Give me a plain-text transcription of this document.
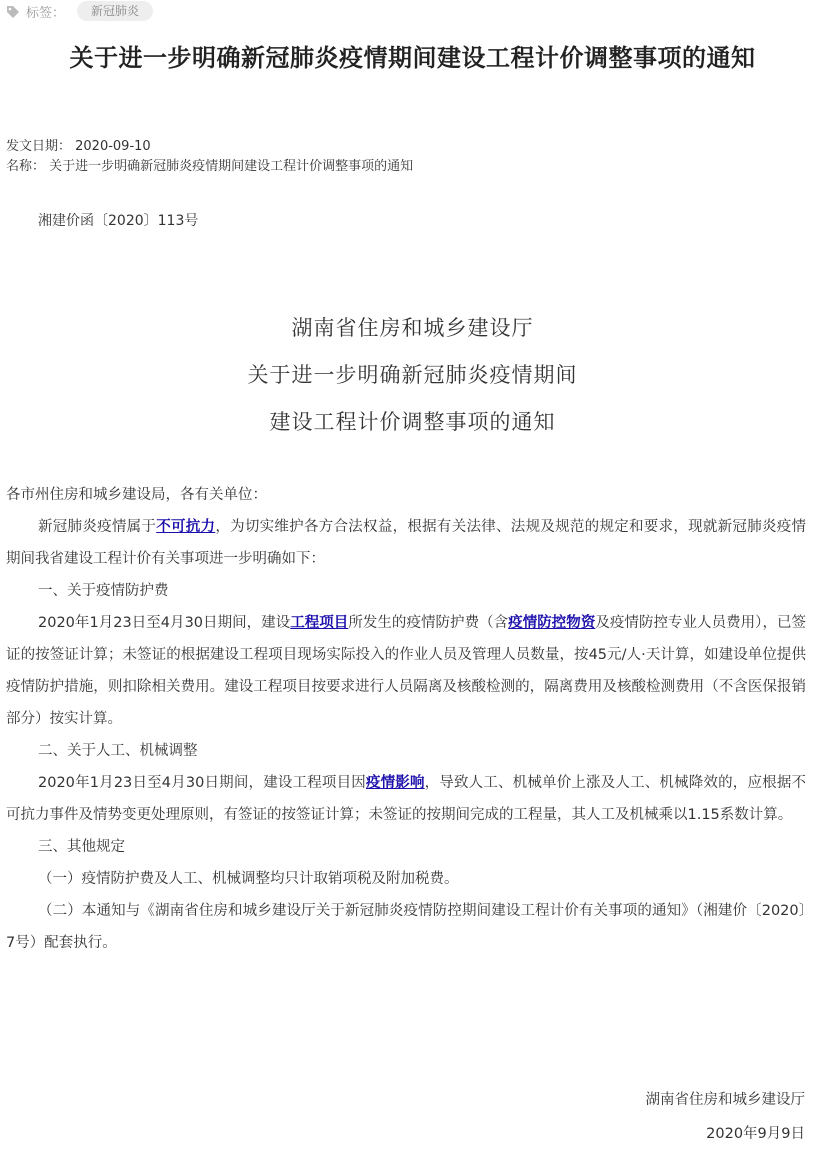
标签：	新冠肺炎
关于进一步明确新冠肺炎疫情期间建设工程计价调整事项的通知
发文日期： 2020-09-10
名称： 关于进一步明确新冠肺炎疫情期间建设工程计价调整事项的通知
湘建价函〔2020〕113号
湖南省住房和城乡建设厅
关于进一步明确新冠肺炎疫情期间
建设工程计价调整事项的通知

各市州住房和城乡建设局，各有关单位：

新冠肺炎疫情属于不可抗力，为切实维护各方合法权益，根据有关法律、法规及规范的规定和要求，现就新冠肺炎疫情期间我省建设工程计价有关事项进一步明确如下：

一、关于疫情防护费

2020年1月23日至4月30日期间，建设工程项目所发生的疫情防护费（含疫情防控物资及疫情防控专业人员费用），已签证的按签证计算；未签证的根据建设工程项目现场实际投入的作业人员及管理人员数量，按45元/人·天计算，如建设单位提供疫情防护措施，则扣除相关费用。建设工程项目按要求进行人员隔离及核酸检测的，隔离费用及核酸检测费用（不含医保报销部分）按实计算。

二、关于人工、机械调整

2020年1月23日至4月30日期间，建设工程项目因疫情影响，导致人工、机械单价上涨及人工、机械降效的，应根据不可抗力事件及情势变更处理原则，有签证的按签证计算；未签证的按期间完成的工程量，其人工及机械乘以1.15系数计算。

三、其他规定

（一）疫情防护费及人工、机械调整均只计取销项税及附加税费。

（二）本通知与《湖南省住房和城乡建设厅关于新冠肺炎疫情防控期间建设工程计价有关事项的通知》（湘建价〔2020〕7号）配套执行。

湖南省住房和城乡建设厅
2020年9月9日
